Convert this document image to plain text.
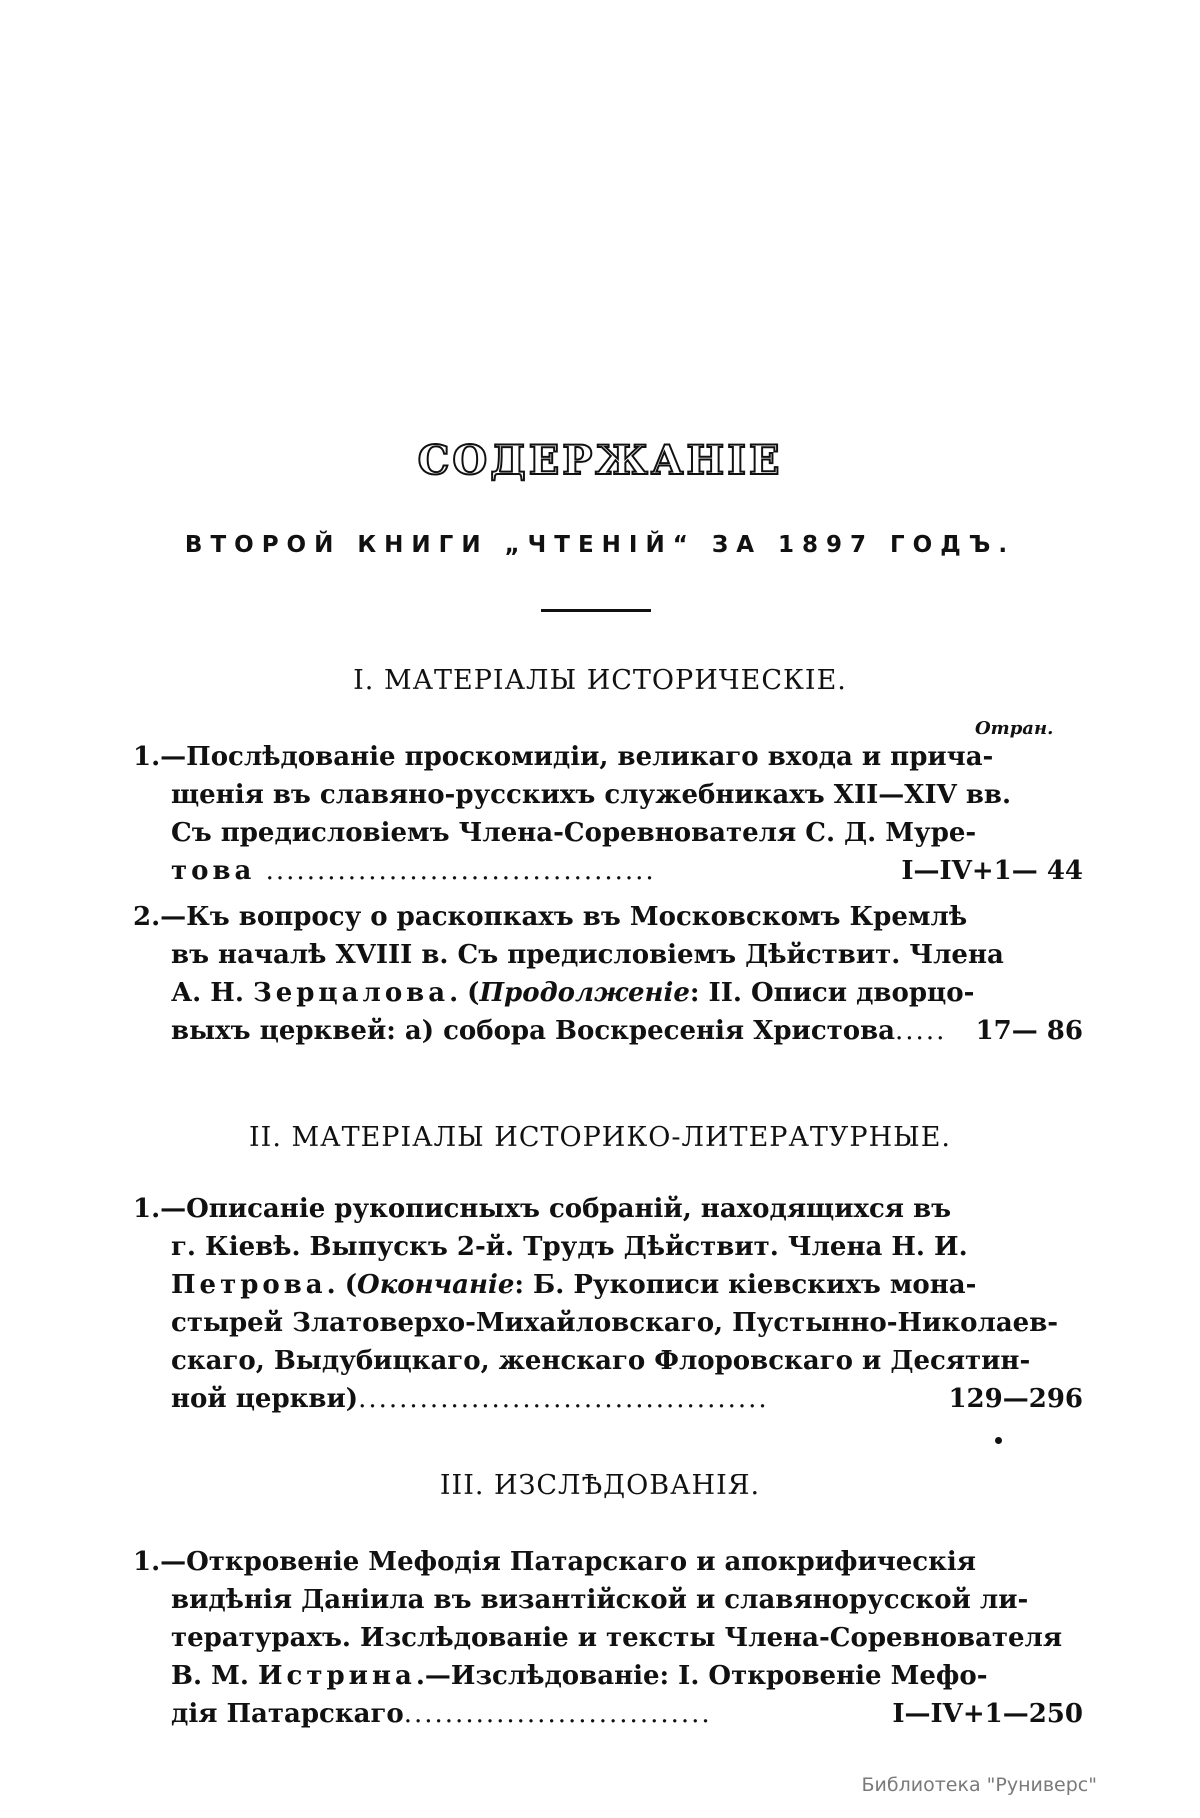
СОДЕРЖАНІЕ
ВТОРОЙ КНИГИ „ЧТЕНІЙ“ ЗА 1897 ГОДЪ.
I. МАТЕРІАЛЫ ИСТОРИЧЕСКІЕ.
Отран.
1.—Послѣдованіе проскомидіи, великаго входа и прича-
щенія въ славяно-русскихъ служебникахъ XII—XIV вв.
Съ предисловіемъ Члена-Соревнователя С. Д. Муре-
това ......................................	I—IV+1— 44
2.—Къ вопросу о раскопкахъ въ Московскомъ Кремлѣ
въ началѣ XVIII в. Съ предисловіемъ Дѣйствит. Члена
А. Н. Зерцалова. (Продолженіе: II. Описи дворцо-
выхъ церквей: а) собора Воскресенія Христова..... 17— 86
II. МАТЕРІАЛЫ ИСТОРИКО-ЛИТЕРАТУРНЫЕ.
1.—Описаніе рукописныхъ собраній, находящихся въ
г. Кіевѣ. Выпускъ 2-й. Трудъ Дѣйствит. Члена Н. И.
Петрова. (Окончаніе: Б. Рукописи кіевскихъ мона-
стырей Златоверхо-Михайловскаго, Пустынно-Николаев-
скаго, Выдубицкаго, женскаго Флоровскаго и Десятин-
ной церкви)........................................	129—296
III. ИЗСЛѢДОВАНІЯ.
1.—Откровеніе Мефодія Патарскаго и апокрифическія
видѣнія Даніила въ византійской и славянорусской ли-
тературахъ. Изслѣдованіе и тексты Члена-Соревнователя
В. М. Истрина.—Изслѣдованіе: I. Откровеніе Мефо-
дія Патарскаго..............................	I—IV+1—250
Библиотека "Руниверс"
